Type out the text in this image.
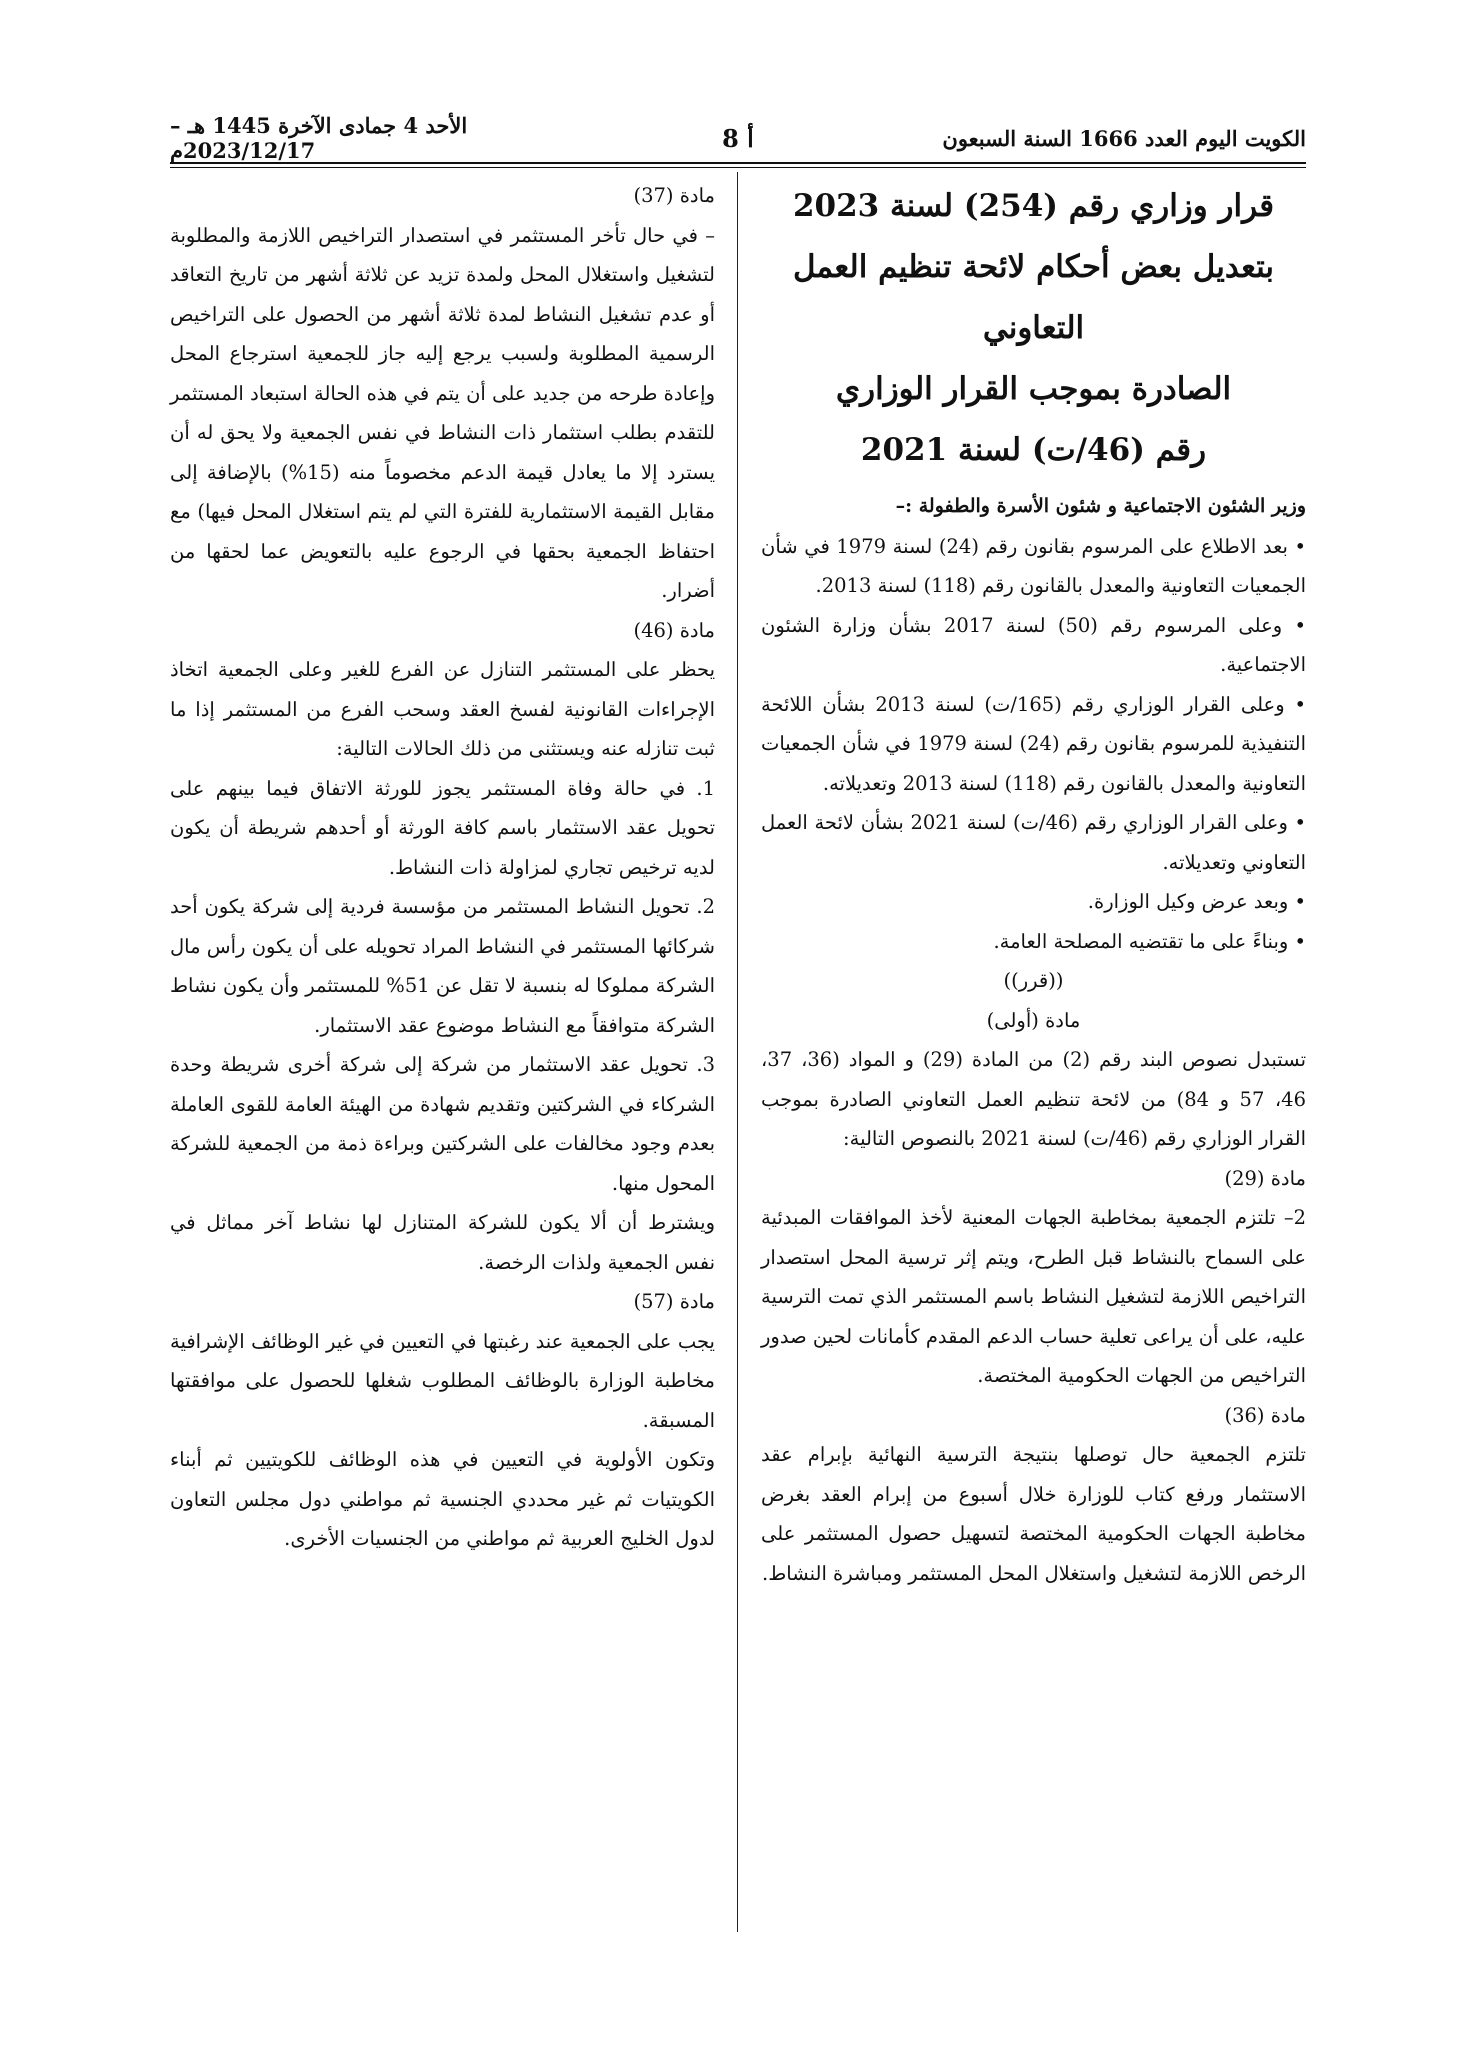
الكويت اليوم العدد 1666 السنة السبعون
أ 8
الأحد 4 جمادى الآخرة 1445 هـ – 2023/12/17م

قرار وزاري رقم (254) لسنة 2023

بتعديل بعض أحكام لائحة تنظيم العمل التعاوني

الصادرة بموجب القرار الوزاري

رقم (46/ت) لسنة 2021

وزير الشئون الاجتماعية و شئون الأسرة والطفولة :–

• بعد الاطلاع على المرسوم بقانون رقم (24) لسنة 1979 في شأن الجمعيات التعاونية والمعدل بالقانون رقم (118) لسنة 2013.

• وعلى المرسوم رقم (50) لسنة 2017 بشأن وزارة الشئون الاجتماعية.

• وعلى القرار الوزاري رقم (165/ت) لسنة 2013 بشأن اللائحة التنفيذية للمرسوم بقانون رقم (24) لسنة 1979 في شأن الجمعيات التعاونية والمعدل بالقانون رقم (118) لسنة 2013 وتعديلاته.

• وعلى القرار الوزاري رقم (46/ت) لسنة 2021 بشأن لائحة العمل التعاوني وتعديلاته.

• وبعد عرض وكيل الوزارة.

• وبناءً على ما تقتضيه المصلحة العامة.

((قرر))

مادة (أولى)

تستبدل نصوص البند رقم (2) من المادة (29) و المواد (36، 37، 46، 57 و 84) من لائحة تنظيم العمل التعاوني الصادرة بموجب القرار الوزاري رقم (46/ت) لسنة 2021 بالنصوص التالية:

مادة (29)

2– تلتزم الجمعية بمخاطبة الجهات المعنية لأخذ الموافقات المبدئية على السماح بالنشاط قبل الطرح، ويتم إثر ترسية المحل استصدار التراخيص اللازمة لتشغيل النشاط باسم المستثمر الذي تمت الترسية عليه، على أن يراعى تعلية حساب الدعم المقدم كأمانات لحين صدور التراخيص من الجهات الحكومية المختصة.

مادة (36)

تلتزم الجمعية حال توصلها بنتيجة الترسية النهائية بإبرام عقد الاستثمار ورفع كتاب للوزارة خلال أسبوع من إبرام العقد بغرض مخاطبة الجهات الحكومية المختصة لتسهيل حصول المستثمر على الرخص اللازمة لتشغيل واستغلال المحل المستثمر ومباشرة النشاط.

مادة (37)

– في حال تأخر المستثمر في استصدار التراخيص اللازمة والمطلوبة لتشغيل واستغلال المحل ولمدة تزيد عن ثلاثة أشهر من تاريخ التعاقد أو عدم تشغيل النشاط لمدة ثلاثة أشهر من الحصول على التراخيص الرسمية المطلوبة ولسبب يرجع إليه جاز للجمعية استرجاع المحل وإعادة طرحه من جديد على أن يتم في هذه الحالة استبعاد المستثمر للتقدم بطلب استثمار ذات النشاط في نفس الجمعية ولا يحق له أن يسترد إلا ما يعادل قيمة الدعم مخصوماً منه (15%) بالإضافة إلى مقابل القيمة الاستثمارية للفترة التي لم يتم استغلال المحل فيها) مع احتفاظ الجمعية بحقها في الرجوع عليه بالتعويض عما لحقها من أضرار.

مادة (46)

يحظر على المستثمر التنازل عن الفرع للغير وعلى الجمعية اتخاذ الإجراءات القانونية لفسخ العقد وسحب الفرع من المستثمر إذا ما ثبت تنازله عنه ويستثنى من ذلك الحالات التالية:

1. في حالة وفاة المستثمر يجوز للورثة الاتفاق فيما بينهم على تحويل عقد الاستثمار باسم كافة الورثة أو أحدهم شريطة أن يكون لديه ترخيص تجاري لمزاولة ذات النشاط.

2. تحويل النشاط المستثمر من مؤسسة فردية إلى شركة يكون أحد شركائها المستثمر في النشاط المراد تحويله على أن يكون رأس مال الشركة مملوكا له بنسبة لا تقل عن 51% للمستثمر وأن يكون نشاط الشركة متوافقاً مع النشاط موضوع عقد الاستثمار.

3. تحويل عقد الاستثمار من شركة إلى شركة أخرى شريطة وحدة الشركاء في الشركتين وتقديم شهادة من الهيئة العامة للقوى العاملة بعدم وجود مخالفات على الشركتين وبراءة ذمة من الجمعية للشركة المحول منها.

ويشترط أن ألا يكون للشركة المتنازل لها نشاط آخر مماثل في نفس الجمعية ولذات الرخصة.

مادة (57)

يجب على الجمعية عند رغبتها في التعيين في غير الوظائف الإشرافية مخاطبة الوزارة بالوظائف المطلوب شغلها للحصول على موافقتها المسبقة.

وتكون الأولوية في التعيين في هذه الوظائف للكويتيين ثم أبناء الكويتيات ثم غير محددي الجنسية ثم مواطني دول مجلس التعاون لدول الخليج العربية ثم مواطني من الجنسيات الأخرى.
